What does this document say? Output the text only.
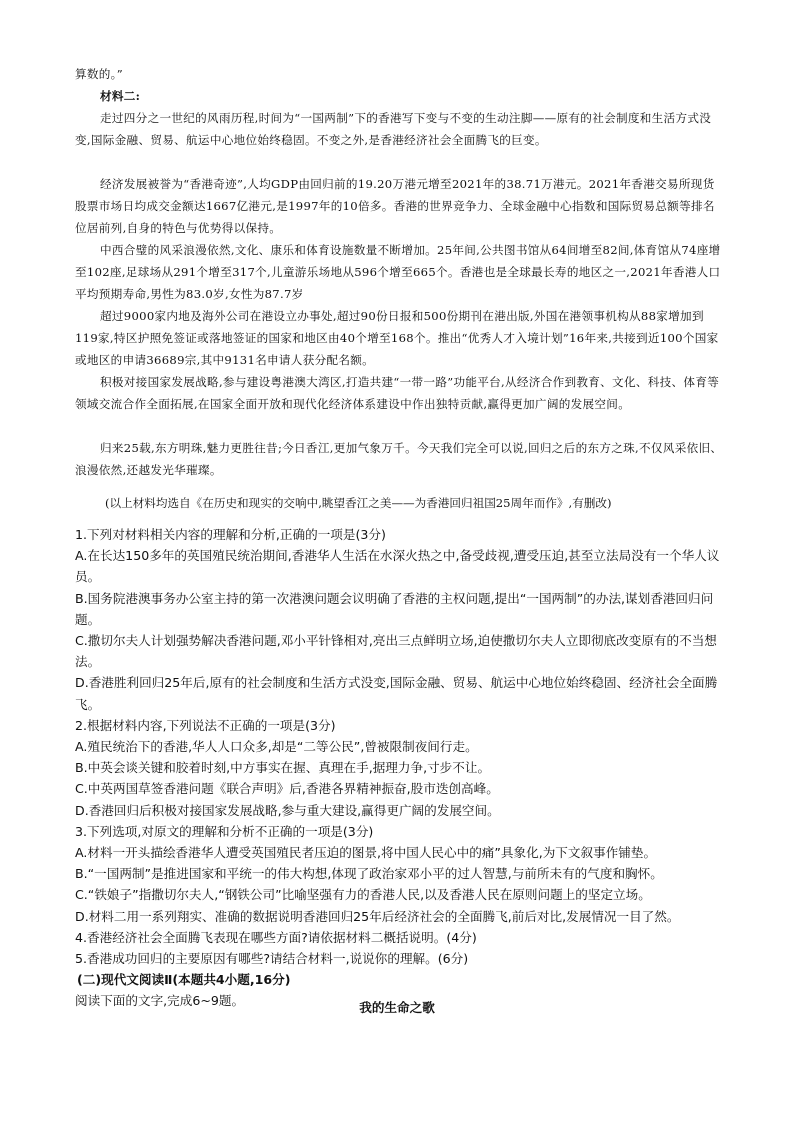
算数的。”

材料二:

走过四分之一世纪的风雨历程,时间为“一国两制”下的香港写下变与不变的生动注脚——原有的社会制度和生活方式没变,国际金融、贸易、航运中心地位始终稳固。不变之外,是香港经济社会全面腾飞的巨变。

经济发展被誉为“香港奇迹”,人均GDP由回归前的19.20万港元增至2021年的38.71万港元。2021年香港交易所现货股票市场日均成交金额达1667亿港元,是1997年的10倍多。香港的世界竞争力、全球金融中心指数和国际贸易总额等排名位居前列,自身的特色与优势得以保持。

中西合璧的风采浪漫依然,文化、康乐和体育设施数量不断增加。25年间,公共图书馆从64间增至82间,体育馆从74座增至102座,足球场从291个增至317个,儿童游乐场地从596个增至665个。香港也是全球最长寿的地区之一,2021年香港人口平均预期寿命,男性为83.0岁,女性为87.7岁

超过9000家内地及海外公司在港设立办事处,超过90份日报和500份期刊在港出版,外国在港领事机构从88家增加到119家,特区护照免签证或落地签证的国家和地区由40个增至168个。推出“优秀人才入境计划”16年来,共接到近100个国家或地区的申请36689宗,其中9131名申请人获分配名额。

积极对接国家发展战略,参与建设粤港澳大湾区,打造共建“一带一路”功能平台,从经济合作到教育、文化、科技、体育等领域交流合作全面拓展,在国家全面开放和现代化经济体系建设中作出独特贡献,赢得更加广阔的发展空间。

归来25载,东方明珠,魅力更胜往昔;今日香江,更加气象万千。今天我们完全可以说,回归之后的东方之珠,不仅风采依旧、浪漫依然,还越发光华璀璨。

(以上材料均选自《在历史和现实的交响中,眺望香江之美——为香港回归祖国25周年而作》,有删改)

1.下列对材料相关内容的理解和分析,正确的一项是(3分)
A.在长达150多年的英国殖民统治期间,香港华人生活在水深火热之中,备受歧视,遭受压迫,甚至立法局没有一个华人议员。
B.国务院港澳事务办公室主持的第一次港澳问题会议明确了香港的主权问题,提出“一国两制”的办法,谋划香港回归问题。
C.撒切尔夫人计划强势解决香港问题,邓小平针锋相对,亮出三点鲜明立场,迫使撒切尔夫人立即彻底改变原有的不当想法。
D.香港胜利回归25年后,原有的社会制度和生活方式没变,国际金融、贸易、航运中心地位始终稳固、经济社会全面腾飞。
2.根据材料内容,下列说法不正确的一项是(3分)
A.殖民统治下的香港,华人人口众多,却是“二等公民”,曾被限制夜间行走。
B.中英会谈关键和胶着时刻,中方事实在握、真理在手,据理力争,寸步不让。
C.中英两国草签香港问题《联合声明》后,香港各界精神振奋,股市迭创高峰。
D.香港回归后积极对接国家发展战略,参与重大建设,赢得更广阔的发展空间。
3.下列选项,对原文的理解和分析不正确的一项是(3分)
A.材料一开头描绘香港华人遭受英国殖民者压迫的图景,将中国人民心中的痛”具象化,为下文叙事作铺垫。
B.“一国两制”是推进国家和平统一的伟大构想,体现了政治家邓小平的过人智慧,与前所未有的气度和胸怀。
C.“铁娘子”指撒切尔夫人,“钢铁公司”比喻坚强有力的香港人民,以及香港人民在原则问题上的坚定立场。
D.材料二用一系列翔实、准确的数据说明香港回归25年后经济社会的全面腾飞,前后对比,发展情况一目了然。
4.香港经济社会全面腾飞表现在哪些方面?请依据材料二概括说明。(4分)
5.香港成功回归的主要原因有哪些?请结合材料一,说说你的理解。(6分)
(二)现代文阅读Ⅱ(本题共4小题,16分)
阅读下面的文字,完成6~9题。	我的生命之歌
